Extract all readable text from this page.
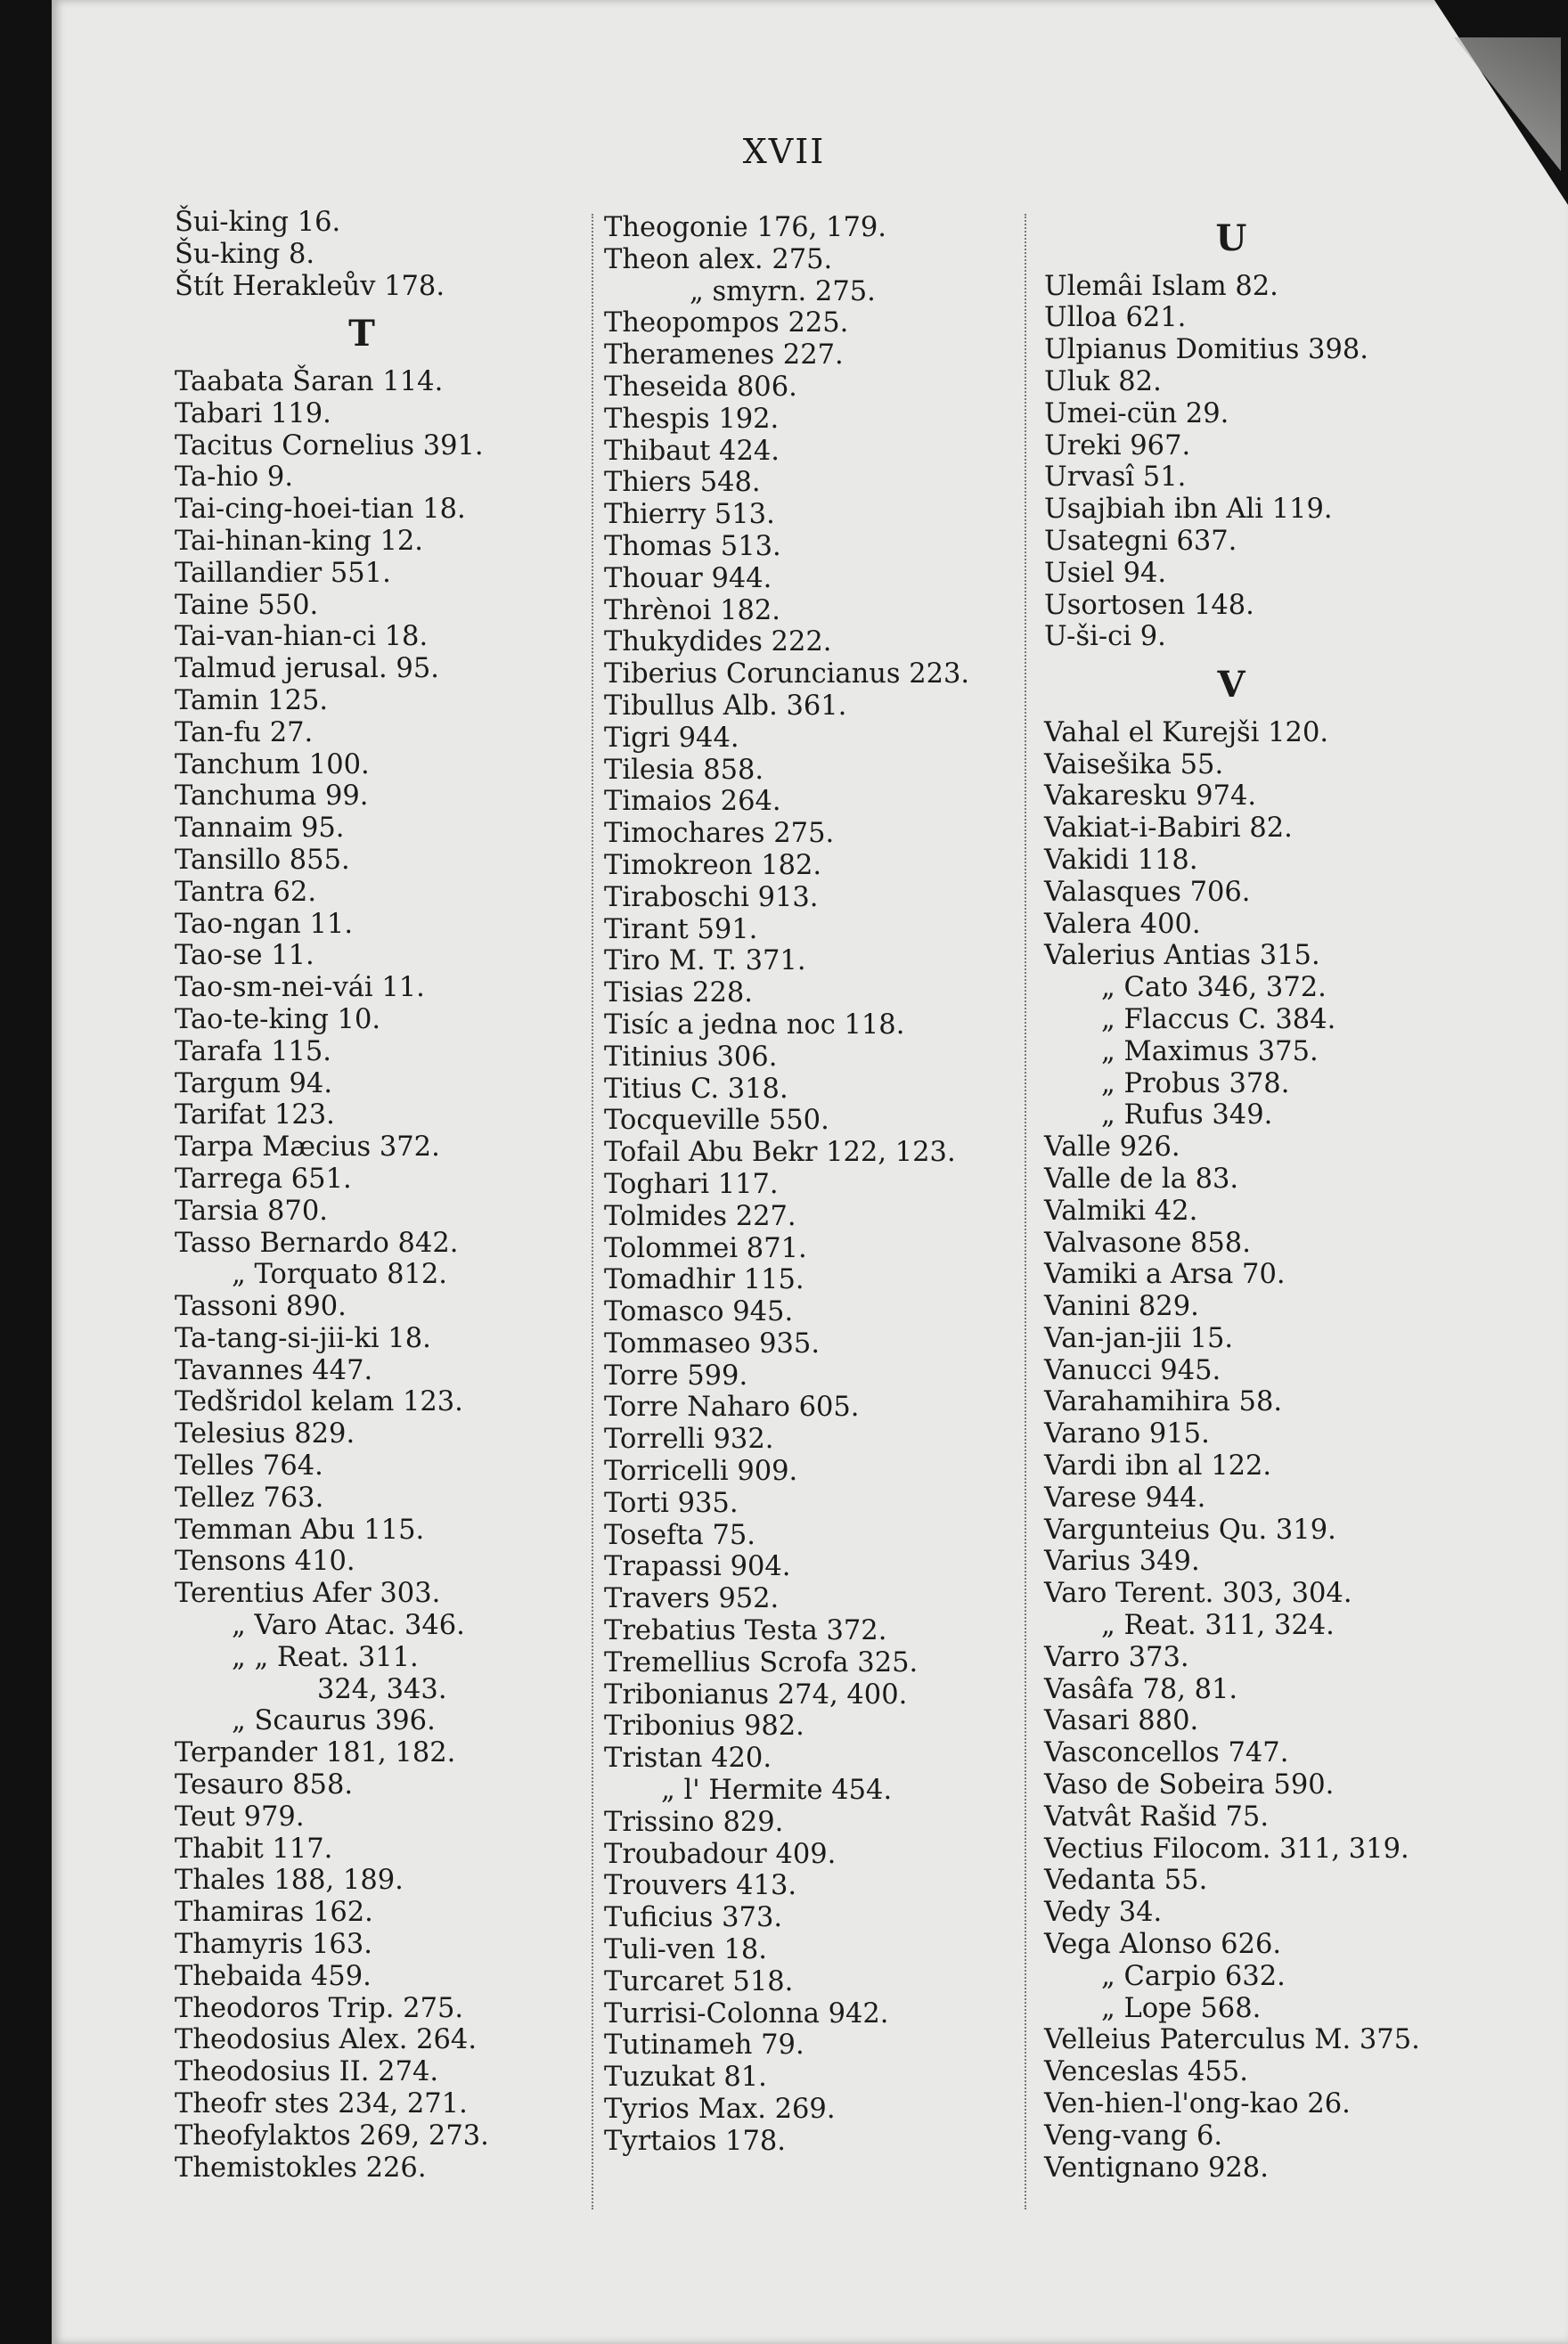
XVII
Šui-king 16.
Šu-king 8.
Štít Herakleův 178.
T
Taabata Šaran 114.
Tabari 119.
Tacitus Cornelius 391.
Ta-hio 9.
Tai-cing-hoei-tian 18.
Tai-hinan-king 12.
Taillandier 551.
Taine 550.
Tai-van-hian-ci 18.
Talmud jerusal. 95.
Tamin 125.
Tan-fu 27.
Tanchum 100.
Tanchuma 99.
Tannaim 95.
Tansillo 855.
Tantra 62.
Tao-ngan 11.
Tao-se 11.
Tao-sm-nei-vái 11.
Tao-te-king 10.
Tarafa 115.
Targum 94.
Tarifat 123.
Tarpa Mæcius 372.
Tarrega 651.
Tarsia 870.
Tasso Bernardo 842.
„ Torquato 812.
Tassoni 890.
Ta-tang-si-jii-ki 18.
Tavannes 447.
Tedšridol kelam 123.
Telesius 829.
Telles 764.
Tellez 763.
Temman Abu 115.
Tensons 410.
Terentius Afer 303.
„ Varo Atac. 346.
„ „ Reat. 311.
324, 343.
„ Scaurus 396.
Terpander 181, 182.
Tesauro 858.
Teut 979.
Thabit 117.
Thales 188, 189.
Thamiras 162.
Thamyris 163.
Thebaida 459.
Theodoros Trip. 275.
Theodosius Alex. 264.
Theodosius II. 274.
Theofr stes 234, 271.
Theofylaktos 269, 273.
Themistokles 226.
Theogonie 176, 179.
Theon alex. 275.
„ smyrn. 275.
Theopompos 225.
Theramenes 227.
Theseida 806.
Thespis 192.
Thibaut 424.
Thiers 548.
Thierry 513.
Thomas 513.
Thouar 944.
Thrènoi 182.
Thukydides 222.
Tiberius Coruncianus 223.
Tibullus Alb. 361.
Tigri 944.
Tilesia 858.
Timaios 264.
Timochares 275.
Timokreon 182.
Tiraboschi 913.
Tirant 591.
Tiro M. T. 371.
Tisias 228.
Tisíc a jedna noc 118.
Titinius 306.
Titius C. 318.
Tocqueville 550.
Tofail Abu Bekr 122, 123.
Toghari 117.
Tolmides 227.
Tolommei 871.
Tomadhir 115.
Tomasco 945.
Tommaseo 935.
Torre 599.
Torre Naharo 605.
Torrelli 932.
Torricelli 909.
Torti 935.
Tosefta 75.
Trapassi 904.
Travers 952.
Trebatius Testa 372.
Tremellius Scrofa 325.
Tribonianus 274, 400.
Tribonius 982.
Tristan 420.
„ l' Hermite 454.
Trissino 829.
Troubadour 409.
Trouvers 413.
Tuficius 373.
Tuli-ven 18.
Turcaret 518.
Turrisi-Colonna 942.
Tutinameh 79.
Tuzukat 81.
Tyrios Max. 269.
Tyrtaios 178.
U
Ulemâi Islam 82.
Ulloa 621.
Ulpianus Domitius 398.
Uluk 82.
Umei-cün 29.
Ureki 967.
Urvasî 51.
Usajbiah ibn Ali 119.
Usategni 637.
Usiel 94.
Usortosen 148.
U-ši-ci 9.
V
Vahal el Kurejši 120.
Vaisešika 55.
Vakaresku 974.
Vakiat-i-Babiri 82.
Vakidi 118.
Valasques 706.
Valera 400.
Valerius Antias 315.
„ Cato 346, 372.
„ Flaccus C. 384.
„ Maximus 375.
„ Probus 378.
„ Rufus 349.
Valle 926.
Valle de la 83.
Valmiki 42.
Valvasone 858.
Vamiki a Arsa 70.
Vanini 829.
Van-jan-jii 15.
Vanucci 945.
Varahamihira 58.
Varano 915.
Vardi ibn al 122.
Varese 944.
Vargunteius Qu. 319.
Varius 349.
Varo Terent. 303, 304.
„ Reat. 311, 324.
Varro 373.
Vasâfa 78, 81.
Vasari 880.
Vasconcellos 747.
Vaso de Sobeira 590.
Vatvât Rašid 75.
Vectius Filocom. 311, 319.
Vedanta 55.
Vedy 34.
Vega Alonso 626.
„ Carpio 632.
„ Lope 568.
Velleius Paterculus M. 375.
Venceslas 455.
Ven-hien-l'ong-kao 26.
Veng-vang 6.
Ventignano 928.
